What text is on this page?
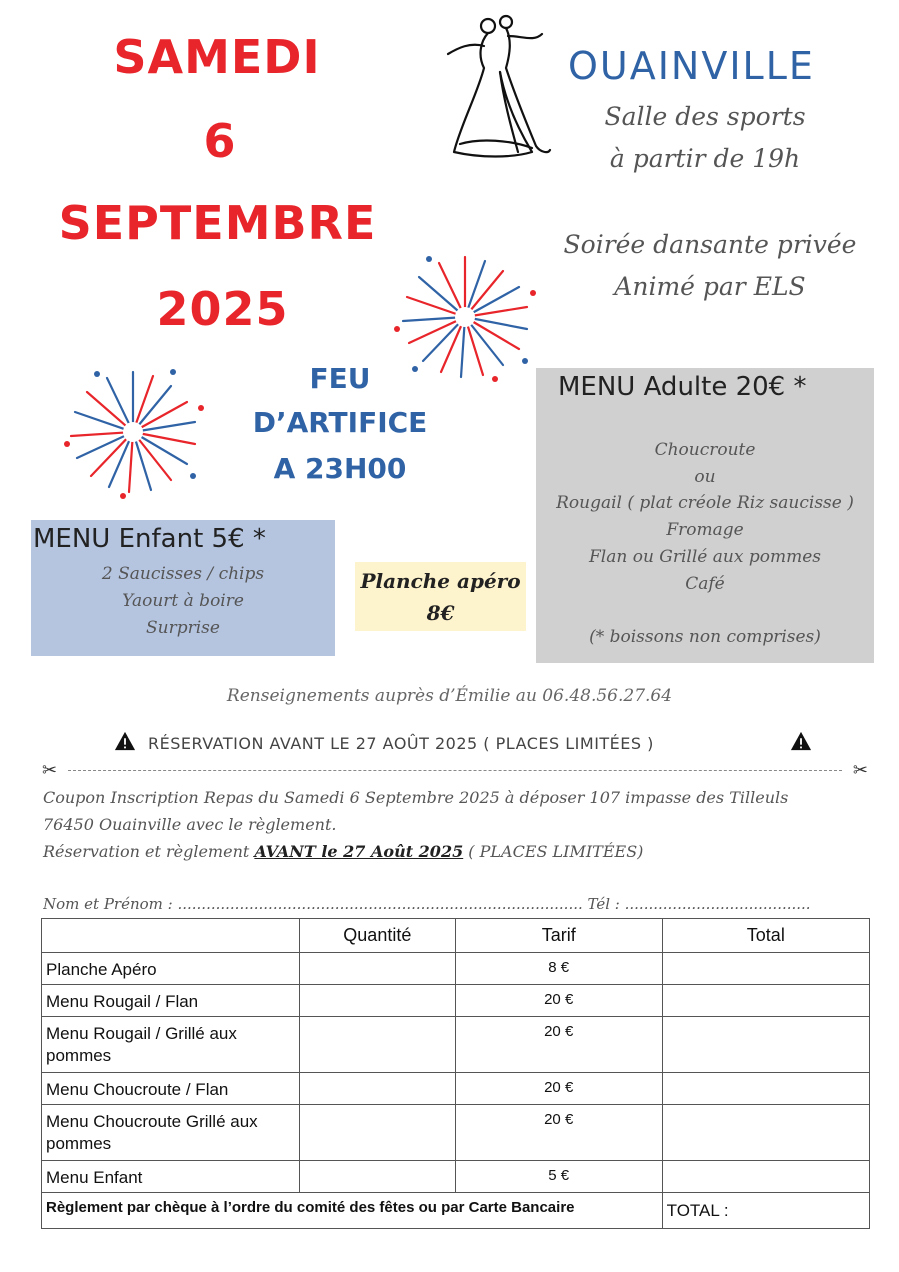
SAMEDI
6
SEPTEMBRE
2025
OUAINVILLE
Salle des sports
à partir de 19h
Soirée dansante privée
Animé par ELS
FEU
D’ARTIFICE
A 23H00
MENU Adulte 20€ *
Choucroute
ou
Rougail ( plat créole Riz saucisse )
Fromage
Flan ou Grillé aux pommes
Café
(* boissons non comprises)
MENU Enfant 5€ *
2 Saucisses / chips
Yaourt à boire
Surprise
Planche apéro
8€
Renseignements auprès d’Émilie au 06.48.56.27.64
RÉSERVATION AVANT LE 27 AOÛT 2025 ( PLACES LIMITÉES )
✂	✂
Coupon Inscription Repas du Samedi 6 Septembre 2025 à déposer 107 impasse des Tilleuls
76450 Ouainville avec le règlement.
Réservation et règlement AVANT le 27 Août 2025 ( PLACES LIMITÉES)
Nom et Prénom : ..................................................................................... Tél : .......................................
	Quantité	Tarif	Total
Planche Apéro		8 €	
Menu Rougail / Flan		20 €	
Menu Rougail / Grillé aux pommes		20 €	
Menu Choucroute / Flan		20 €	
Menu Choucroute Grillé aux pommes		20 €	
Menu Enfant		5 €	
Règlement par chèque à l’ordre du comité des fêtes ou par Carte Bancaire			TOTAL :
